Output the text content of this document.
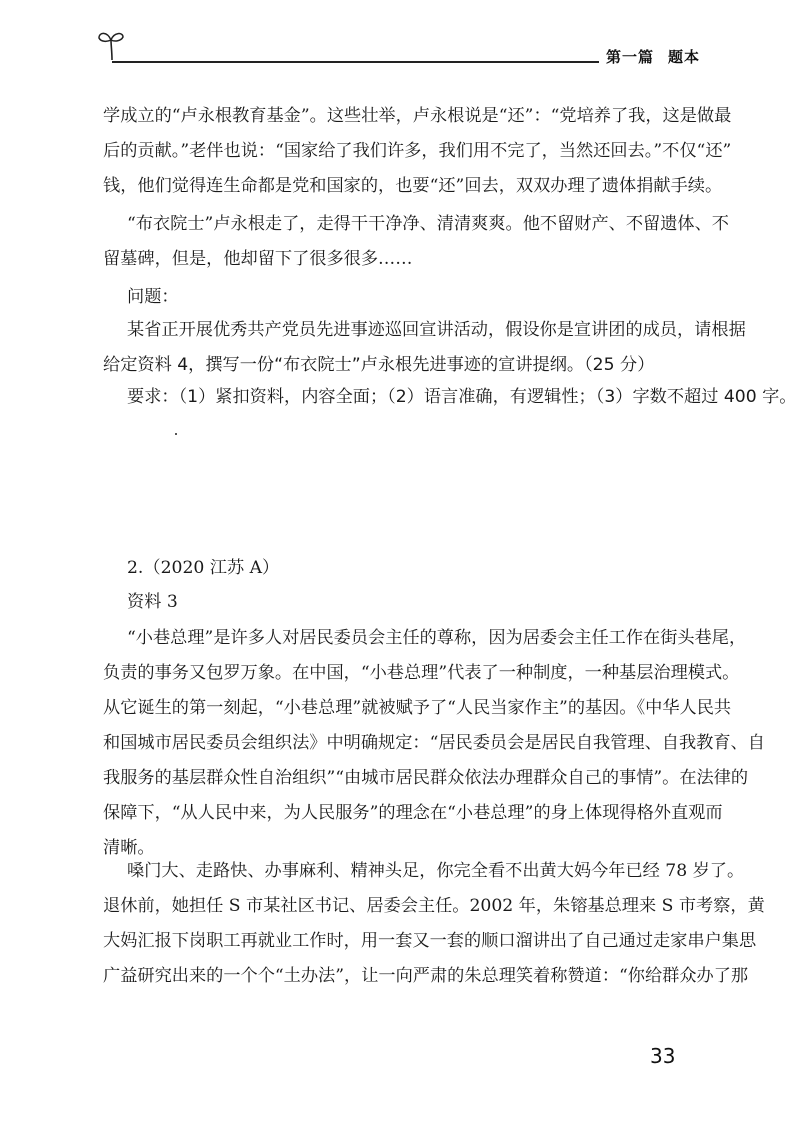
第一篇 题本
学成立的“卢永根教育基金”。这些壮举，卢永根说是“还”：“党培养了我，这是做最
后的贡献。”老伴也说：“国家给了我们许多，我们用不完了，当然还回去。”不仅“还”
钱，他们觉得连生命都是党和国家的，也要“还”回去，双双办理了遗体捐献手续。
“布衣院士”卢永根走了，走得干干净净、清清爽爽。他不留财产、不留遗体、不
留墓碑，但是，他却留下了很多很多……
问题：
某省正开展优秀共产党员先进事迹巡回宣讲活动，假设你是宣讲团的成员，请根据
给定资料 4，撰写一份“布衣院士”卢永根先进事迹的宣讲提纲。（25 分）
要求：（1）紧扣资料，内容全面；（2）语言准确，有逻辑性；（3）字数不超过 400 字。
2.（2020 江苏 A）
资料 3
“小巷总理”是许多人对居民委员会主任的尊称，因为居委会主任工作在街头巷尾，
负责的事务又包罗万象。在中国，“小巷总理”代表了一种制度，一种基层治理模式。
从它诞生的第一刻起，“小巷总理”就被赋予了“人民当家作主”的基因。《中华人民共
和国城市居民委员会组织法》中明确规定：“居民委员会是居民自我管理、自我教育、自
我服务的基层群众性自治组织”“由城市居民群众依法办理群众自己的事情”。在法律的
保障下，“从人民中来，为人民服务”的理念在“小巷总理”的身上体现得格外直观而
清晰。
嗓门大、走路快、办事麻利、精神头足，你完全看不出黄大妈今年已经 78 岁了。
退休前，她担任 S 市某社区书记、居委会主任。2002 年，朱镕基总理来 S 市考察，黄
大妈汇报下岗职工再就业工作时，用一套又一套的顺口溜讲出了自己通过走家串户集思
广益研究出来的一个个“土办法”，让一向严肃的朱总理笑着称赞道：“你给群众办了那
33
